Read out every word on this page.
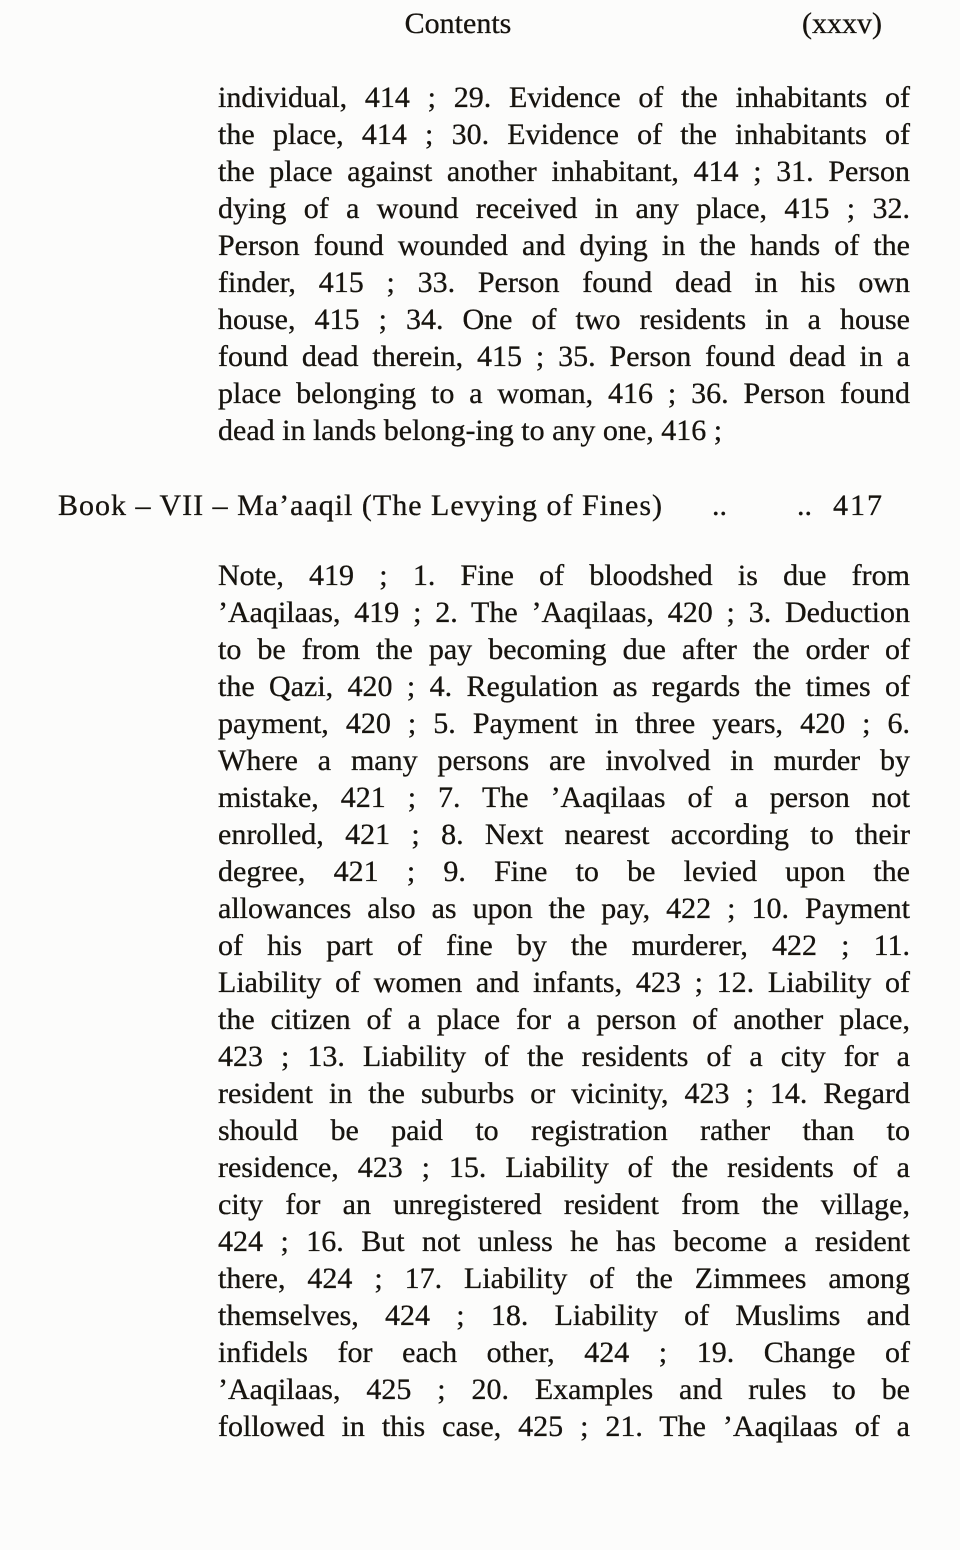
Contents	(xxxv)
individual, 414 ; 29. Evidence of the inhabitants of
the place, 414 ; 30. Evidence of the inhabitants of
the place against another inhabitant, 414 ; 31. Person
dying of a wound received in any place, 415 ; 32.
Person found wounded and dying in the hands of the
finder, 415 ; 33. Person found dead in his own
house, 415 ; 34. One of two residents in a house
found dead therein, 415 ; 35. Person found dead in a
place belonging to a woman, 416 ; 36. Person found
dead in lands belong-ing to any one, 416 ;
Book – VII – Ma’aaqil (The Levying of Fines) .. .. 417
Note, 419 ; 1. Fine of bloodshed is due from
’Aaqilaas, 419 ; 2. The ’Aaqilaas, 420 ; 3. Deduction
to be from the pay becoming due after the order of
the Qazi, 420 ; 4. Regulation as regards the times of
payment, 420 ; 5. Payment in three years, 420 ; 6.
Where a many persons are involved in murder by
mistake, 421 ; 7. The ’Aaqilaas of a person not
enrolled, 421 ; 8. Next nearest according to their
degree, 421 ; 9. Fine to be levied upon the
allowances also as upon the pay, 422 ; 10. Payment
of his part of fine by the murderer, 422 ; 11.
Liability of women and infants, 423 ; 12. Liability of
the citizen of a place for a person of another place,
423 ; 13. Liability of the residents of a city for a
resident in the suburbs or vicinity, 423 ; 14. Regard
should be paid to registration rather than to
residence, 423 ; 15. Liability of the residents of a
city for an unregistered resident from the village,
424 ; 16. But not unless he has become a resident
there, 424 ; 17. Liability of the Zimmees among
themselves, 424 ; 18. Liability of Muslims and
infidels for each other, 424 ; 19. Change of
’Aaqilaas, 425 ; 20. Examples and rules to be
followed in this case, 425 ; 21. The ’Aaqilaas of a
